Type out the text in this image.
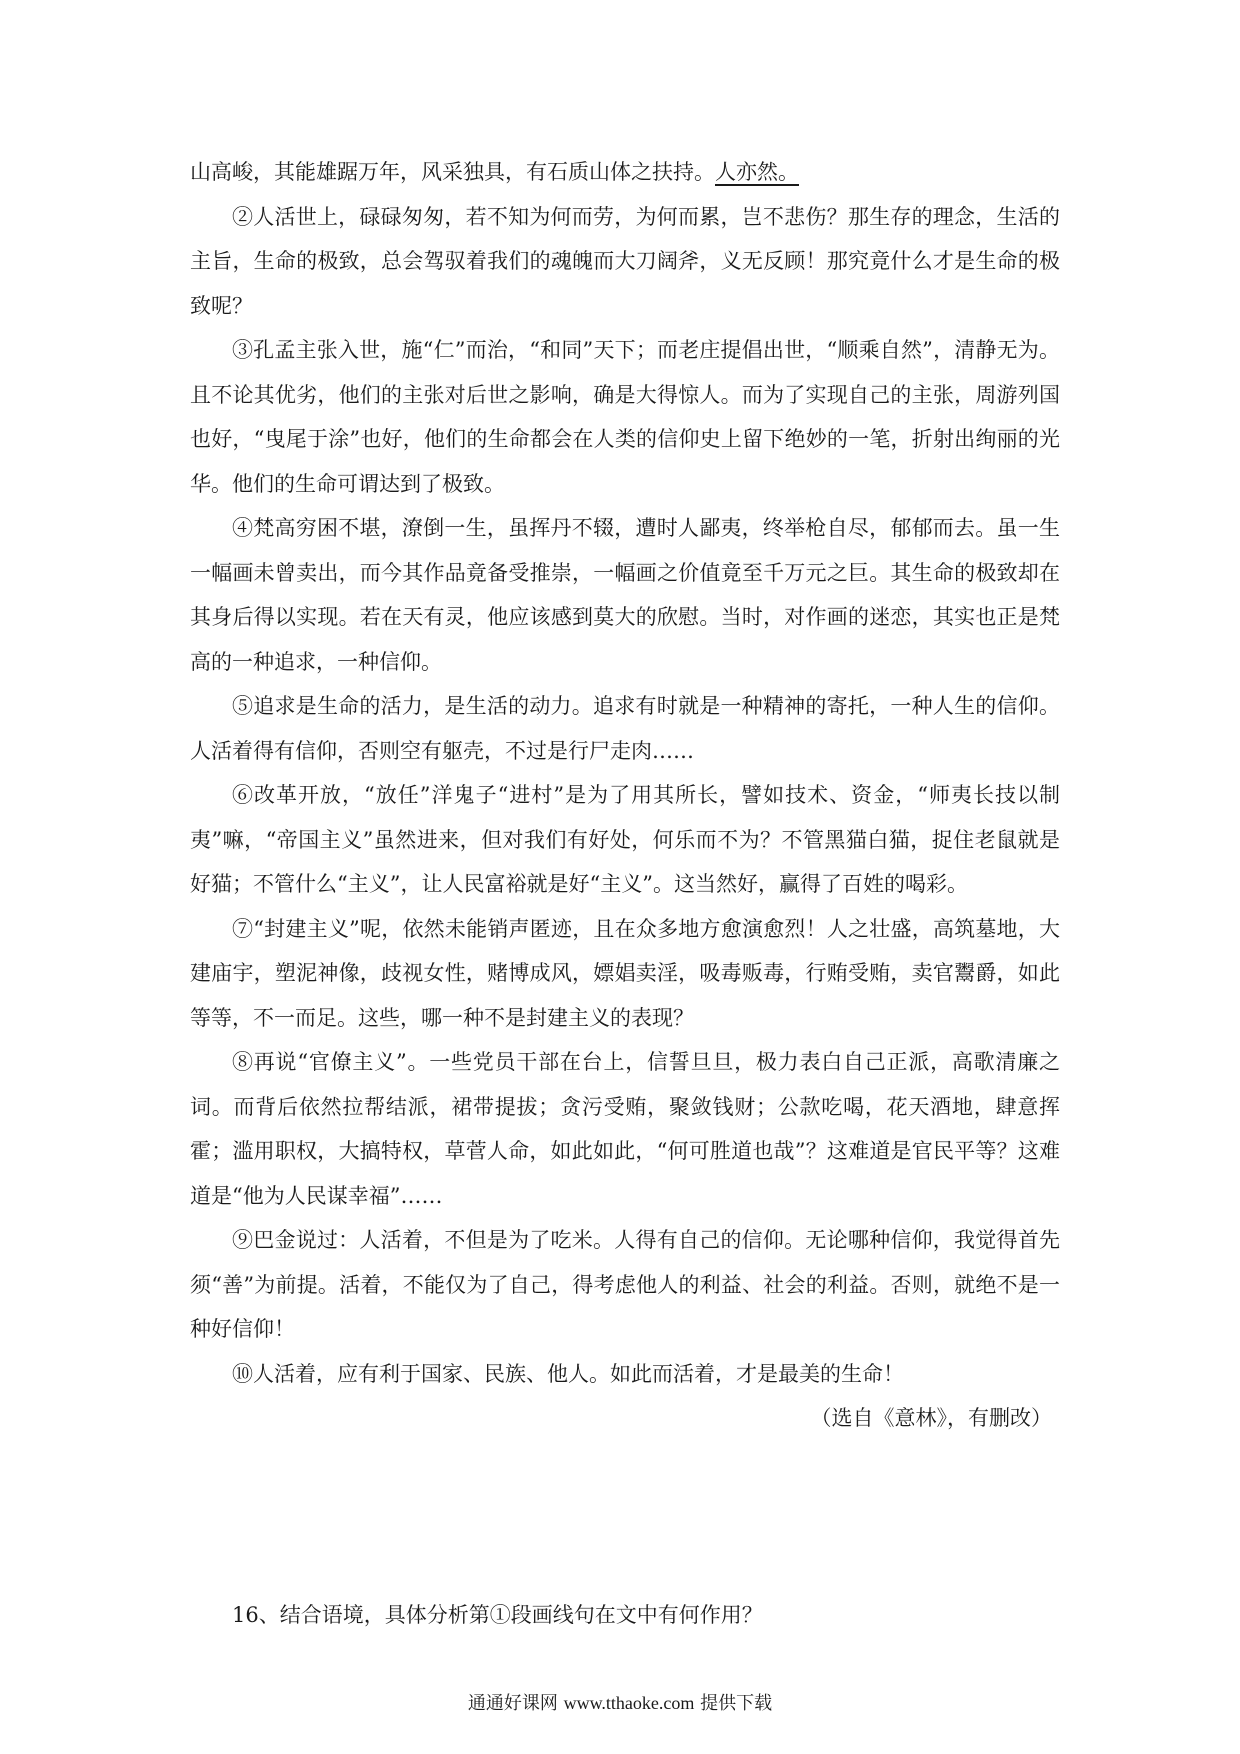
山高峻，其能雄踞万年，风采独具，有石质山体之扶持。人亦然。

②人活世上，碌碌匆匆，若不知为何而劳，为何而累，岂不悲伤？那生存的理念，生活的主旨，生命的极致，总会驾驭着我们的魂魄而大刀阔斧，义无反顾！那究竟什么才是生命的极致呢？

③孔孟主张入世，施“仁”而治，“和同”天下；而老庄提倡出世，“顺乘自然”，清静无为。且不论其优劣，他们的主张对后世之影响，确是大得惊人。而为了实现自己的主张，周游列国也好，“曳尾于涂”也好，他们的生命都会在人类的信仰史上留下绝妙的一笔，折射出绚丽的光华。他们的生命可谓达到了极致。

④梵高穷困不堪，潦倒一生，虽挥丹不辍，遭时人鄙夷，终举枪自尽，郁郁而去。虽一生一幅画未曾卖出，而今其作品竟备受推崇，一幅画之价值竟至千万元之巨。其生命的极致却在其身后得以实现。若在天有灵，他应该感到莫大的欣慰。当时，对作画的迷恋，其实也正是梵高的一种追求，一种信仰。

⑤追求是生命的活力，是生活的动力。追求有时就是一种精神的寄托，一种人生的信仰。人活着得有信仰，否则空有躯壳，不过是行尸走肉……

⑥改革开放，“放任”洋鬼子“进村”是为了用其所长，譬如技术、资金，“师夷长技以制夷”嘛，“帝国主义”虽然进来，但对我们有好处，何乐而不为？不管黑猫白猫，捉住老鼠就是好猫；不管什么“主义”，让人民富裕就是好“主义”。这当然好，赢得了百姓的喝彩。

⑦“封建主义”呢，依然未能销声匿迹，且在众多地方愈演愈烈！人之壮盛，高筑墓地，大建庙宇，塑泥神像，歧视女性，赌博成风，嫖娼卖淫，吸毒贩毒，行贿受贿，卖官鬻爵，如此等等，不一而足。这些，哪一种不是封建主义的表现？

⑧再说“官僚主义”。一些党员干部在台上，信誓旦旦，极力表白自己正派，高歌清廉之词。而背后依然拉帮结派，裙带提拔；贪污受贿，聚敛钱财；公款吃喝，花天酒地，肆意挥霍；滥用职权，大搞特权，草菅人命，如此如此，“何可胜道也哉”？这难道是官民平等？这难道是“他为人民谋幸福”……

⑨巴金说过：人活着，不但是为了吃米。人得有自己的信仰。无论哪种信仰，我觉得首先须“善”为前提。活着，不能仅为了自己，得考虑他人的利益、社会的利益。否则，就绝不是一种好信仰！

⑩人活着，应有利于国家、民族、他人。如此而活着，才是最美的生命！

（选自《意林》，有删改）

16、结合语境，具体分析第①段画线句在文中有何作用？
通通好课网 www.tthaoke.com 提供下载
